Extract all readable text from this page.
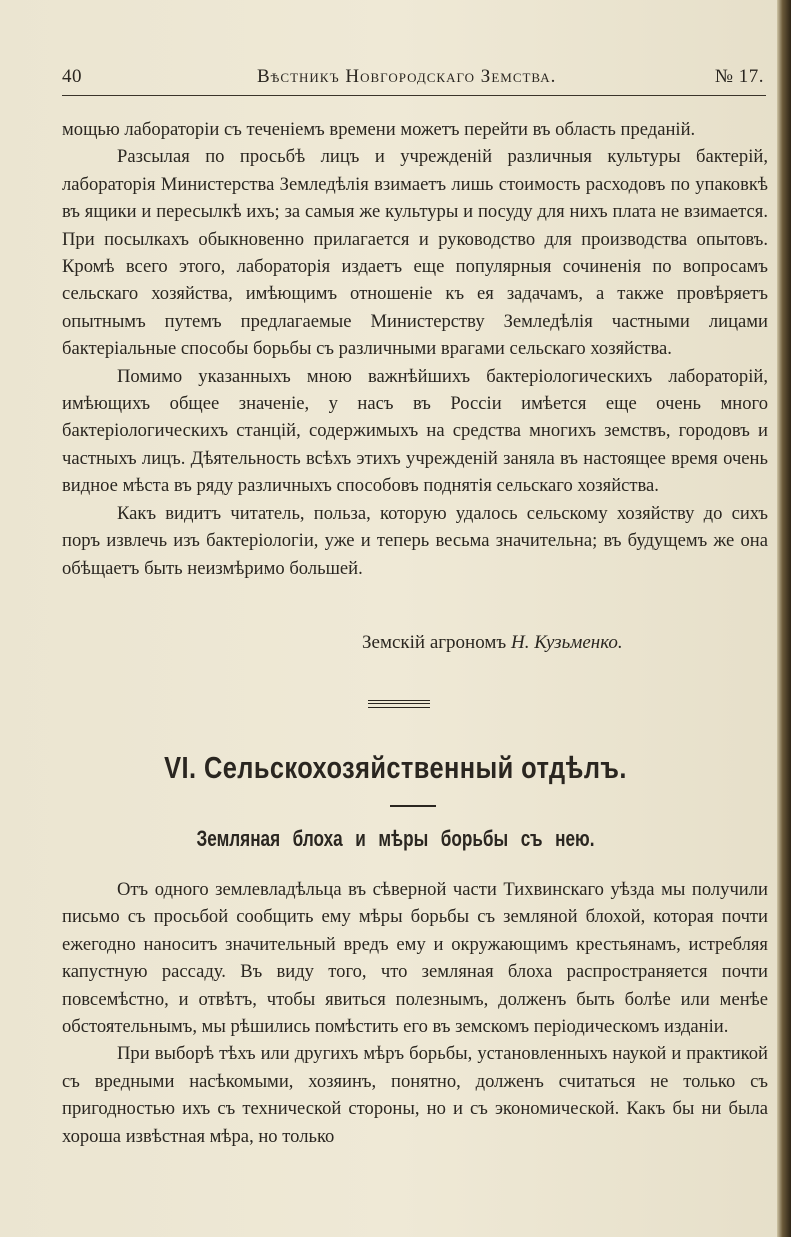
40	Вѣстникъ Новгородскаго Земства.	№ 17.

мощью лабораторіи съ теченіемъ времени можетъ перейти въ область преданій.

Разсылая по просьбѣ лицъ и учрежденій различныя культуры бактерій, лабораторія Министерства Земледѣлія взимаетъ лишь стоимость расходовъ по упаковкѣ въ ящики и пересылкѣ ихъ; за самыя же культуры и посуду для нихъ плата не взимается. При посылкахъ обыкновенно прилагается и руководство для производства опытовъ. Кромѣ всего этого, лабораторія издаетъ еще популярныя сочиненія по вопросамъ сельскаго хозяйства, имѣющимъ отношеніе къ ея задачамъ, а также провѣряетъ опытнымъ путемъ предлагаемые Министерству Земледѣлія частными лицами бактеріальные способы борьбы съ различными врагами сельскаго хозяйства.

Помимо указанныхъ мною важнѣйшихъ бактеріологическихъ лабораторій, имѣющихъ общее значеніе, у насъ въ Россіи имѣется еще очень много бактеріологическихъ станцій, содержимыхъ на средства многихъ земствъ, городовъ и частныхъ лицъ. Дѣятельность всѣхъ этихъ учрежденій заняла въ настоящее время очень видное мѣста въ ряду различныхъ способовъ поднятія сельскаго хозяйства.

Какъ видитъ читатель, польза, которую удалось сельскому хозяйству до сихъ поръ извлечь изъ бактеріологіи, уже и теперь весьма значительна; въ будущемъ же она обѣщаетъ быть неизмѣримо большей.

Земскій агрономъ Н. Кузьменко.
VI. Сельскохозяйственный отдѣлъ.
Земляная блоха и мѣры борьбы съ нею.

Отъ одного землевладѣльца въ сѣверной части Тихвинскаго уѣзда мы получили письмо съ просьбой сообщить ему мѣры борьбы съ земляной блохой, которая почти ежегодно наноситъ значительный вредъ ему и окружающимъ крестьянамъ, истребляя капустную рассаду. Въ виду того, что земляная блоха распространяется почти повсемѣстно, и отвѣтъ, чтобы явиться полезнымъ, долженъ быть болѣе или менѣе обстоятельнымъ, мы рѣшились помѣстить его въ земскомъ періодическомъ изданіи.

При выборѣ тѣхъ или другихъ мѣръ борьбы, установленныхъ наукой и практикой съ вредными насѣкомыми, хозяинъ, понятно, долженъ считаться не только съ пригодностью ихъ съ технической стороны, но и съ экономической. Какъ бы ни была хороша извѣстная мѣра, но только
